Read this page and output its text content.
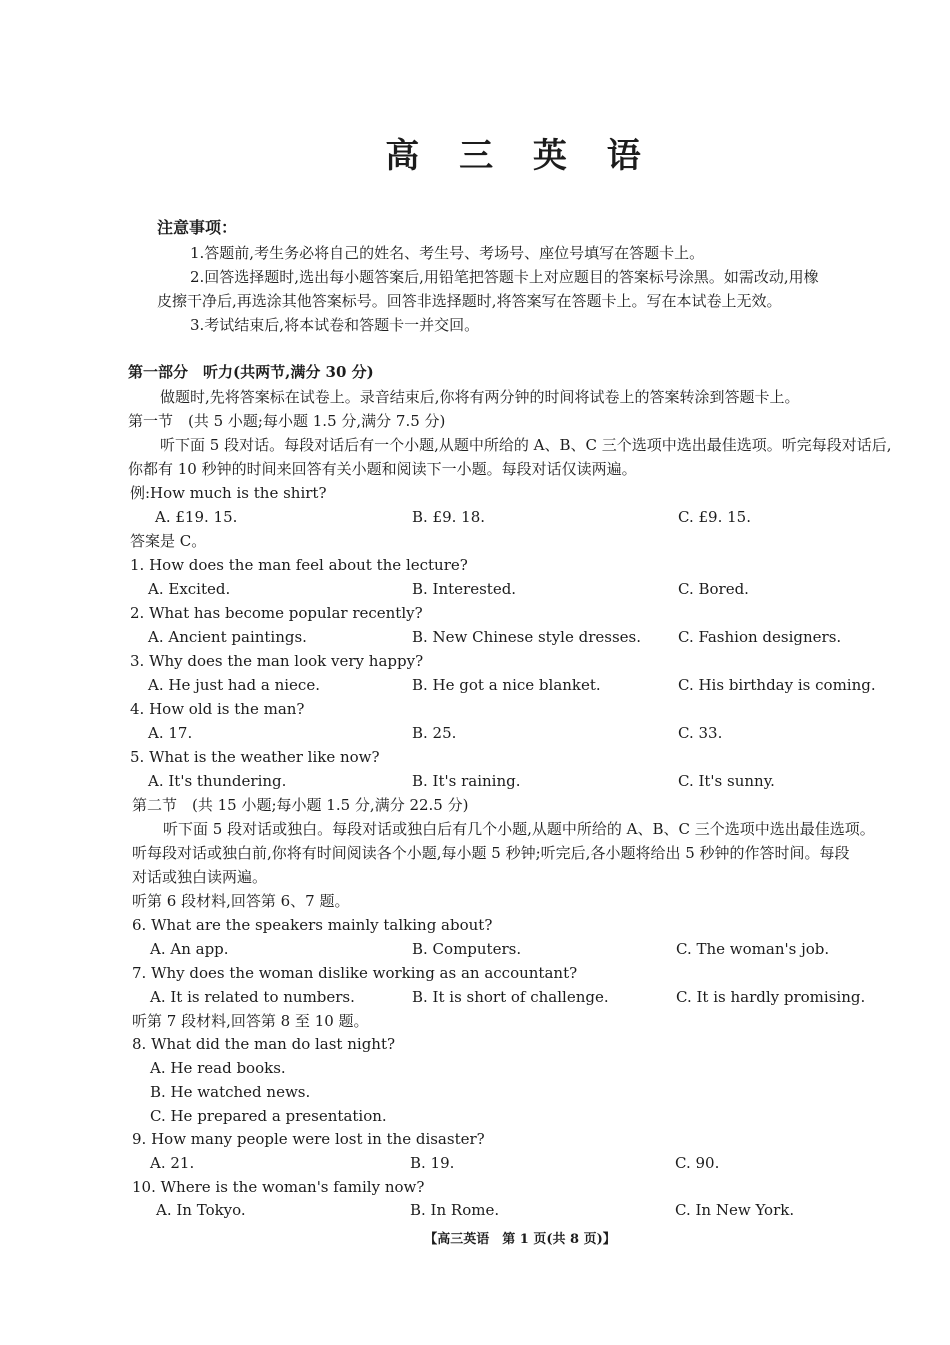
高 三 英 语
注意事项：
1.答题前,考生务必将自己的姓名、考生号、考场号、座位号填写在答题卡上。
2.回答选择题时,选出每小题答案后,用铅笔把答题卡上对应题目的答案标号涂黑。如需改动,用橡
皮擦干净后,再选涂其他答案标号。回答非选择题时,将答案写在答题卡上。写在本试卷上无效。
3.考试结束后,将本试卷和答题卡一并交回。
第一部分　听力(共两节,满分 30 分)
做题时,先将答案标在试卷上。录音结束后,你将有两分钟的时间将试卷上的答案转涂到答题卡上。
第一节　(共 5 小题;每小题 1.5 分,满分 7.5 分)
听下面 5 段对话。每段对话后有一个小题,从题中所给的 A、B、C 三个选项中选出最佳选项。听完每段对话后,
你都有 10 秒钟的时间来回答有关小题和阅读下一小题。每段对话仅读两遍。
例:How much is the shirt?
A. £19. 15.	B. £9. 18.	C. £9. 15.
答案是 C。
1. How does the man feel about the lecture?
A. Excited.	B. Interested.	C. Bored.
2. What has become popular recently?
A. Ancient paintings.	B. New Chinese style dresses. C. Fashion designers.
3. Why does the man look very happy?
A. He just had a niece.	B. He got a nice blanket.	C. His birthday is coming.
4. How old is the man?
A. 17.	B. 25.	C. 33.
5. What is the weather like now?
A. It's thundering.	B. It's raining.	C. It's sunny.
第二节　(共 15 小题;每小题 1.5 分,满分 22.5 分)
听下面 5 段对话或独白。每段对话或独白后有几个小题,从题中所给的 A、B、C 三个选项中选出最佳选项。
听每段对话或独白前,你将有时间阅读各个小题,每小题 5 秒钟;听完后,各小题将给出 5 秒钟的作答时间。每段
对话或独白读两遍。
听第 6 段材料,回答第 6、7 题。
6. What are the speakers mainly talking about?
A. An app.	B. Computers.	C. The woman's job.
7. Why does the woman dislike working as an accountant?
A. It is related to numbers.	B. It is short of challenge.	C. It is hardly promising.
听第 7 段材料,回答第 8 至 10 题。
8. What did the man do last night?
A. He read books.
B. He watched news.
C. He prepared a presentation.
9. How many people were lost in the disaster?
A. 21.	B. 19.	C. 90.
10. Where is the woman's family now?
A. In Tokyo.	B. In Rome.	C. In New York.
【高三英语　第 1 页(共 8 页)】
